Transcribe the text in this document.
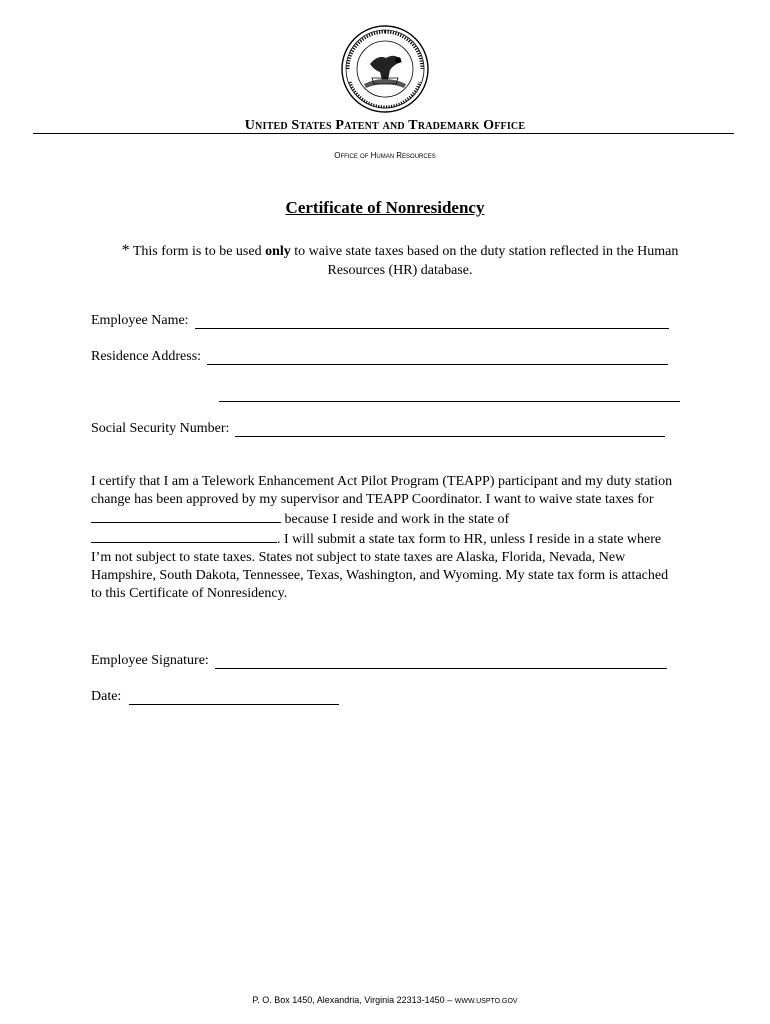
United States Patent and Trademark Office
Office of Human Resources
Certificate of Nonresidency
* This form is to be used only to waive state taxes based on the duty station reflected in the Human Resources (HR) database.
Employee Name:
Residence Address:
Social Security Number:
I certify that I am a Telework Enhancement Act Pilot Program (TEAPP) participant and my duty station change has been approved by my supervisor and TEAPP Coordinator. I want to waive state taxes for  because I reside and work in the state of . I will submit a state tax form to HR, unless I reside in a state where I’m not subject to state taxes. States not subject to state taxes are Alaska, Florida, Nevada, New Hampshire, South Dakota, Tennessee, Texas, Washington, and Wyoming. My state tax form is attached to this Certificate of Nonresidency.
Employee Signature:
Date:
P. O. Box 1450, Alexandria, Virginia 22313-1450 – WWW.USPTO.GOV
